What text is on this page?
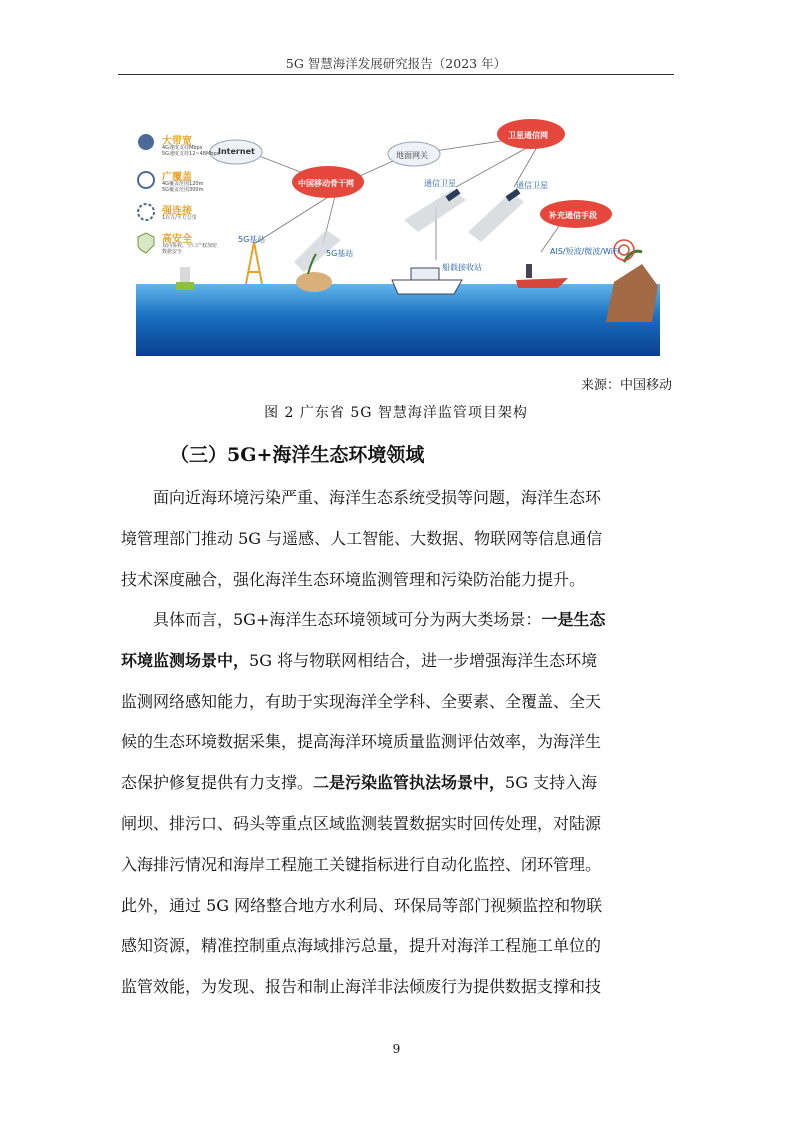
5G 智慧海洋发展研究报告（2023 年）
大带宽
4G速度支持Mbps
5G速度支持12~48Mbps
广覆盖
4G覆盖范围120m
5G覆盖范围300m
强连接
1百万/平方公里
高安全
双向鉴权，空口产权加密
数据安全
Internet
中国移动骨干网
地面网关
卫星通信网
通信卫星	通信卫星
补充通信手段
5G基站
5G基站
船载接收站
AIS/短波/微波/WiFi
来源：中国移动
图 2 广东省 5G 智慧海洋监管项目架构
（三）5G+海洋生态环境领域
面向近海环境污染严重、海洋生态系统受损等问题，海洋生态环
境管理部门推动 5G 与遥感、人工智能、大数据、物联网等信息通信
技术深度融合，强化海洋生态环境监测管理和污染防治能力提升。
具体而言，5G+海洋生态环境领域可分为两大类场景：一是生态
环境监测场景中，5G 将与物联网相结合，进一步增强海洋生态环境
监测网络感知能力，有助于实现海洋全学科、全要素、全覆盖、全天
候的生态环境数据采集，提高海洋环境质量监测评估效率，为海洋生
态保护修复提供有力支撑。二是污染监管执法场景中，5G 支持入海
闸坝、排污口、码头等重点区域监测装置数据实时回传处理，对陆源
入海排污情况和海岸工程施工关键指标进行自动化监控、闭环管理。
此外，通过 5G 网络整合地方水利局、环保局等部门视频监控和物联
感知资源，精准控制重点海域排污总量，提升对海洋工程施工单位的
监管效能，为发现、报告和制止海洋非法倾废行为提供数据支撑和技
9
